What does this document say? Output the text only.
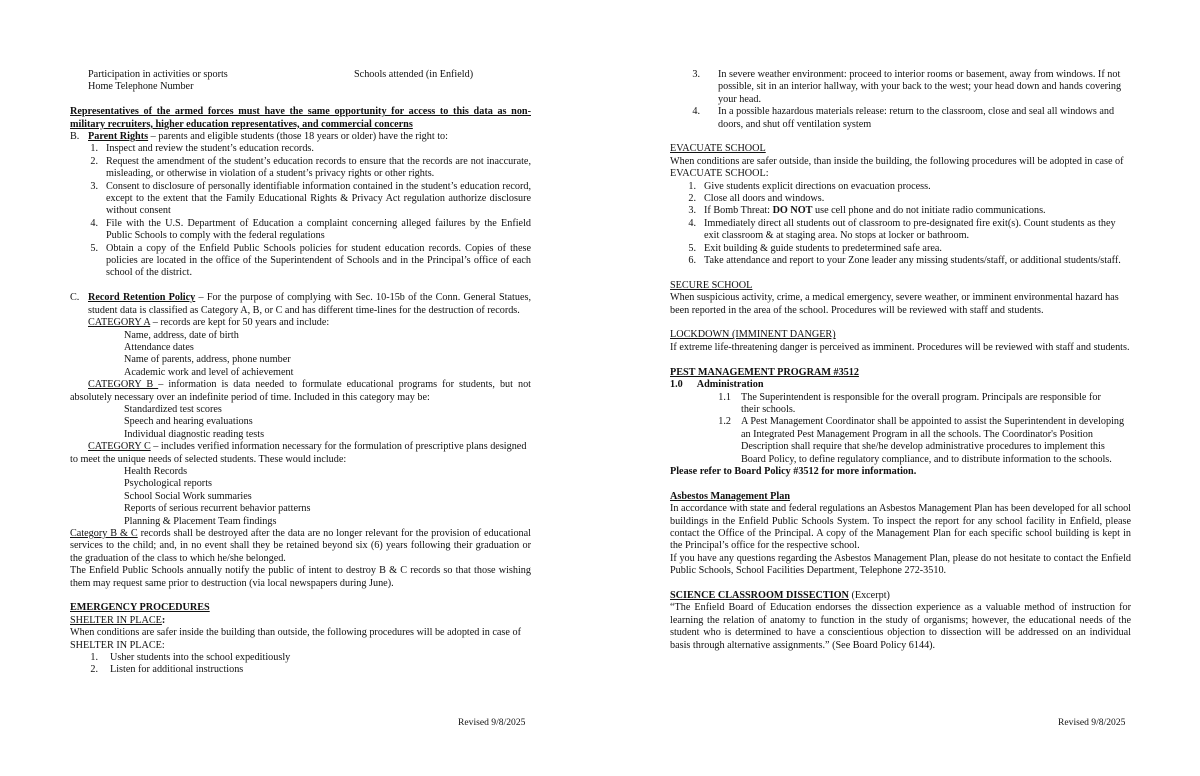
Participation in activities or sports	Schools attended (in Enfield)
Home Telephone Number

Representatives of the armed forces must have the same opportunity for access to this data as non-military recruiters, higher education representatives, and commercial concerns

B. Parent Rights – parents and eligible students (those 18 years or older) have the right to:
1. Inspect and review the student’s education records.
2. Request the amendment of the student’s education records to ensure that the records are not inaccurate, misleading, or otherwise in violation of a student’s privacy rights or other rights.
3. Consent to disclosure of personally identifiable information contained in the student’s education record, except to the extent that the Family Educational Rights & Privacy Act regulation authorize disclosure without consent
4. File with the U.S. Department of Education a complaint concerning alleged failures by the Enfield Public Schools to comply with the federal regulations
5. Obtain a copy of the Enfield Public Schools policies for student education records. Copies of these policies are located in the office of the Superintendent of Schools and in the Principal’s office of each school of the district.
C. Record Retention Policy – For the purpose of complying with Sec. 10-15b of the Conn. General Statues, student data is classified as Category A, B, or C and has different time-lines for the destruction of records.

CATEGORY A – records are kept for 50 years and include:

Name, address, date of birth

Attendance dates

Name of parents, address, phone number

Academic work and level of achievement

CATEGORY B – information is data needed to formulate educational programs for students, but not absolutely necessary over an indefinite period of time. Included in this category may be:

Standardized test scores

Speech and hearing evaluations

Individual diagnostic reading tests

CATEGORY C – includes verified information necessary for the formulation of prescriptive plans designed to meet the unique needs of selected students. These would include:

Health Records

Psychological reports

School Social Work summaries

Reports of serious recurrent behavior patterns

Planning & Placement Team findings

Category B & C records shall be destroyed after the data are no longer relevant for the provision of educational services to the child; and, in no event shall they be retained beyond six (6) years following their graduation or the graduation of the class to which he/she belonged.

The Enfield Public Schools annually notify the public of intent to destroy B & C records so that those wishing them may request same prior to destruction (via local newspapers during June).

EMERGENCY PROCEDURES

SHELTER IN PLACE:

When conditions are safer inside the building than outside, the following procedures will be adopted in case of SHELTER IN PLACE:

1.	Usher students into the school expeditiously
2.	Listen for additional instructions
Revised 9/8/2025
3.	In severe weather environment: proceed to interior rooms or basement, away from windows. If not possible, sit in an interior hallway, with your back to the west; your head down and hands covering your head.
4.	In a possible hazardous materials release: return to the classroom, close and seal all windows and doors, and shut off ventilation system

EVACUATE SCHOOL

When conditions are safer outside, than inside the building, the following procedures will be adopted in case of EVACUATE SCHOOL:

1. Give students explicit directions on evacuation process.
2. Close all doors and windows.
3. If Bomb Threat: DO NOT use cell phone and do not initiate radio communications.
4. Immediately direct all students out of classroom to pre-designated fire exit(s). Count students as they exit classroom & at staging area. No stops at locker or bathroom.
5. Exit building & guide students to predetermined safe area.
6. Take attendance and report to your Zone leader any missing students/staff, or additional students/staff.

SECURE SCHOOL

When suspicious activity, crime, a medical emergency, severe weather, or imminent environmental hazard has been reported in the area of the school. Procedures will be reviewed with staff and students.

LOCKDOWN (IMMINENT DANGER)

If extreme life-threatening danger is perceived as imminent. Procedures will be reviewed with staff and students.

PEST MANAGEMENT PROGRAM #3512

1.0 Administration

1.1 The Superintendent is responsible for the overall program. Principals are responsible for their schools.
1.2 A Pest Management Coordinator shall be appointed to assist the Superintendent in developing an Integrated Pest Management Program in all the schools. The Coordinator's Position Description shall require that she/he develop administrative procedures to implement this Board Policy, to define regulatory compliance, and to distribute information to the schools.

Please refer to Board Policy #3512 for more information.

Asbestos Management Plan

In accordance with state and federal regulations an Asbestos Management Plan has been developed for all school buildings in the Enfield Public Schools System. To inspect the report for any school facility in Enfield, please contact the Office of the Principal. A copy of the Management Plan for each specific school building is kept in the Principal’s office for the respective school.

If you have any questions regarding the Asbestos Management Plan, please do not hesitate to contact the Enfield Public Schools, School Facilities Department, Telephone 272-3510.

SCIENCE CLASSROOM DISSECTION (Excerpt)

“The Enfield Board of Education endorses the dissection experience as a valuable method of instruction for learning the relation of anatomy to function in the study of organisms; however, the educational needs of the student who is determined to have a conscientious objection to dissection will be addressed on an individual basis through alternative assignments.” (See Board Policy 6144).

Revised 9/8/2025
